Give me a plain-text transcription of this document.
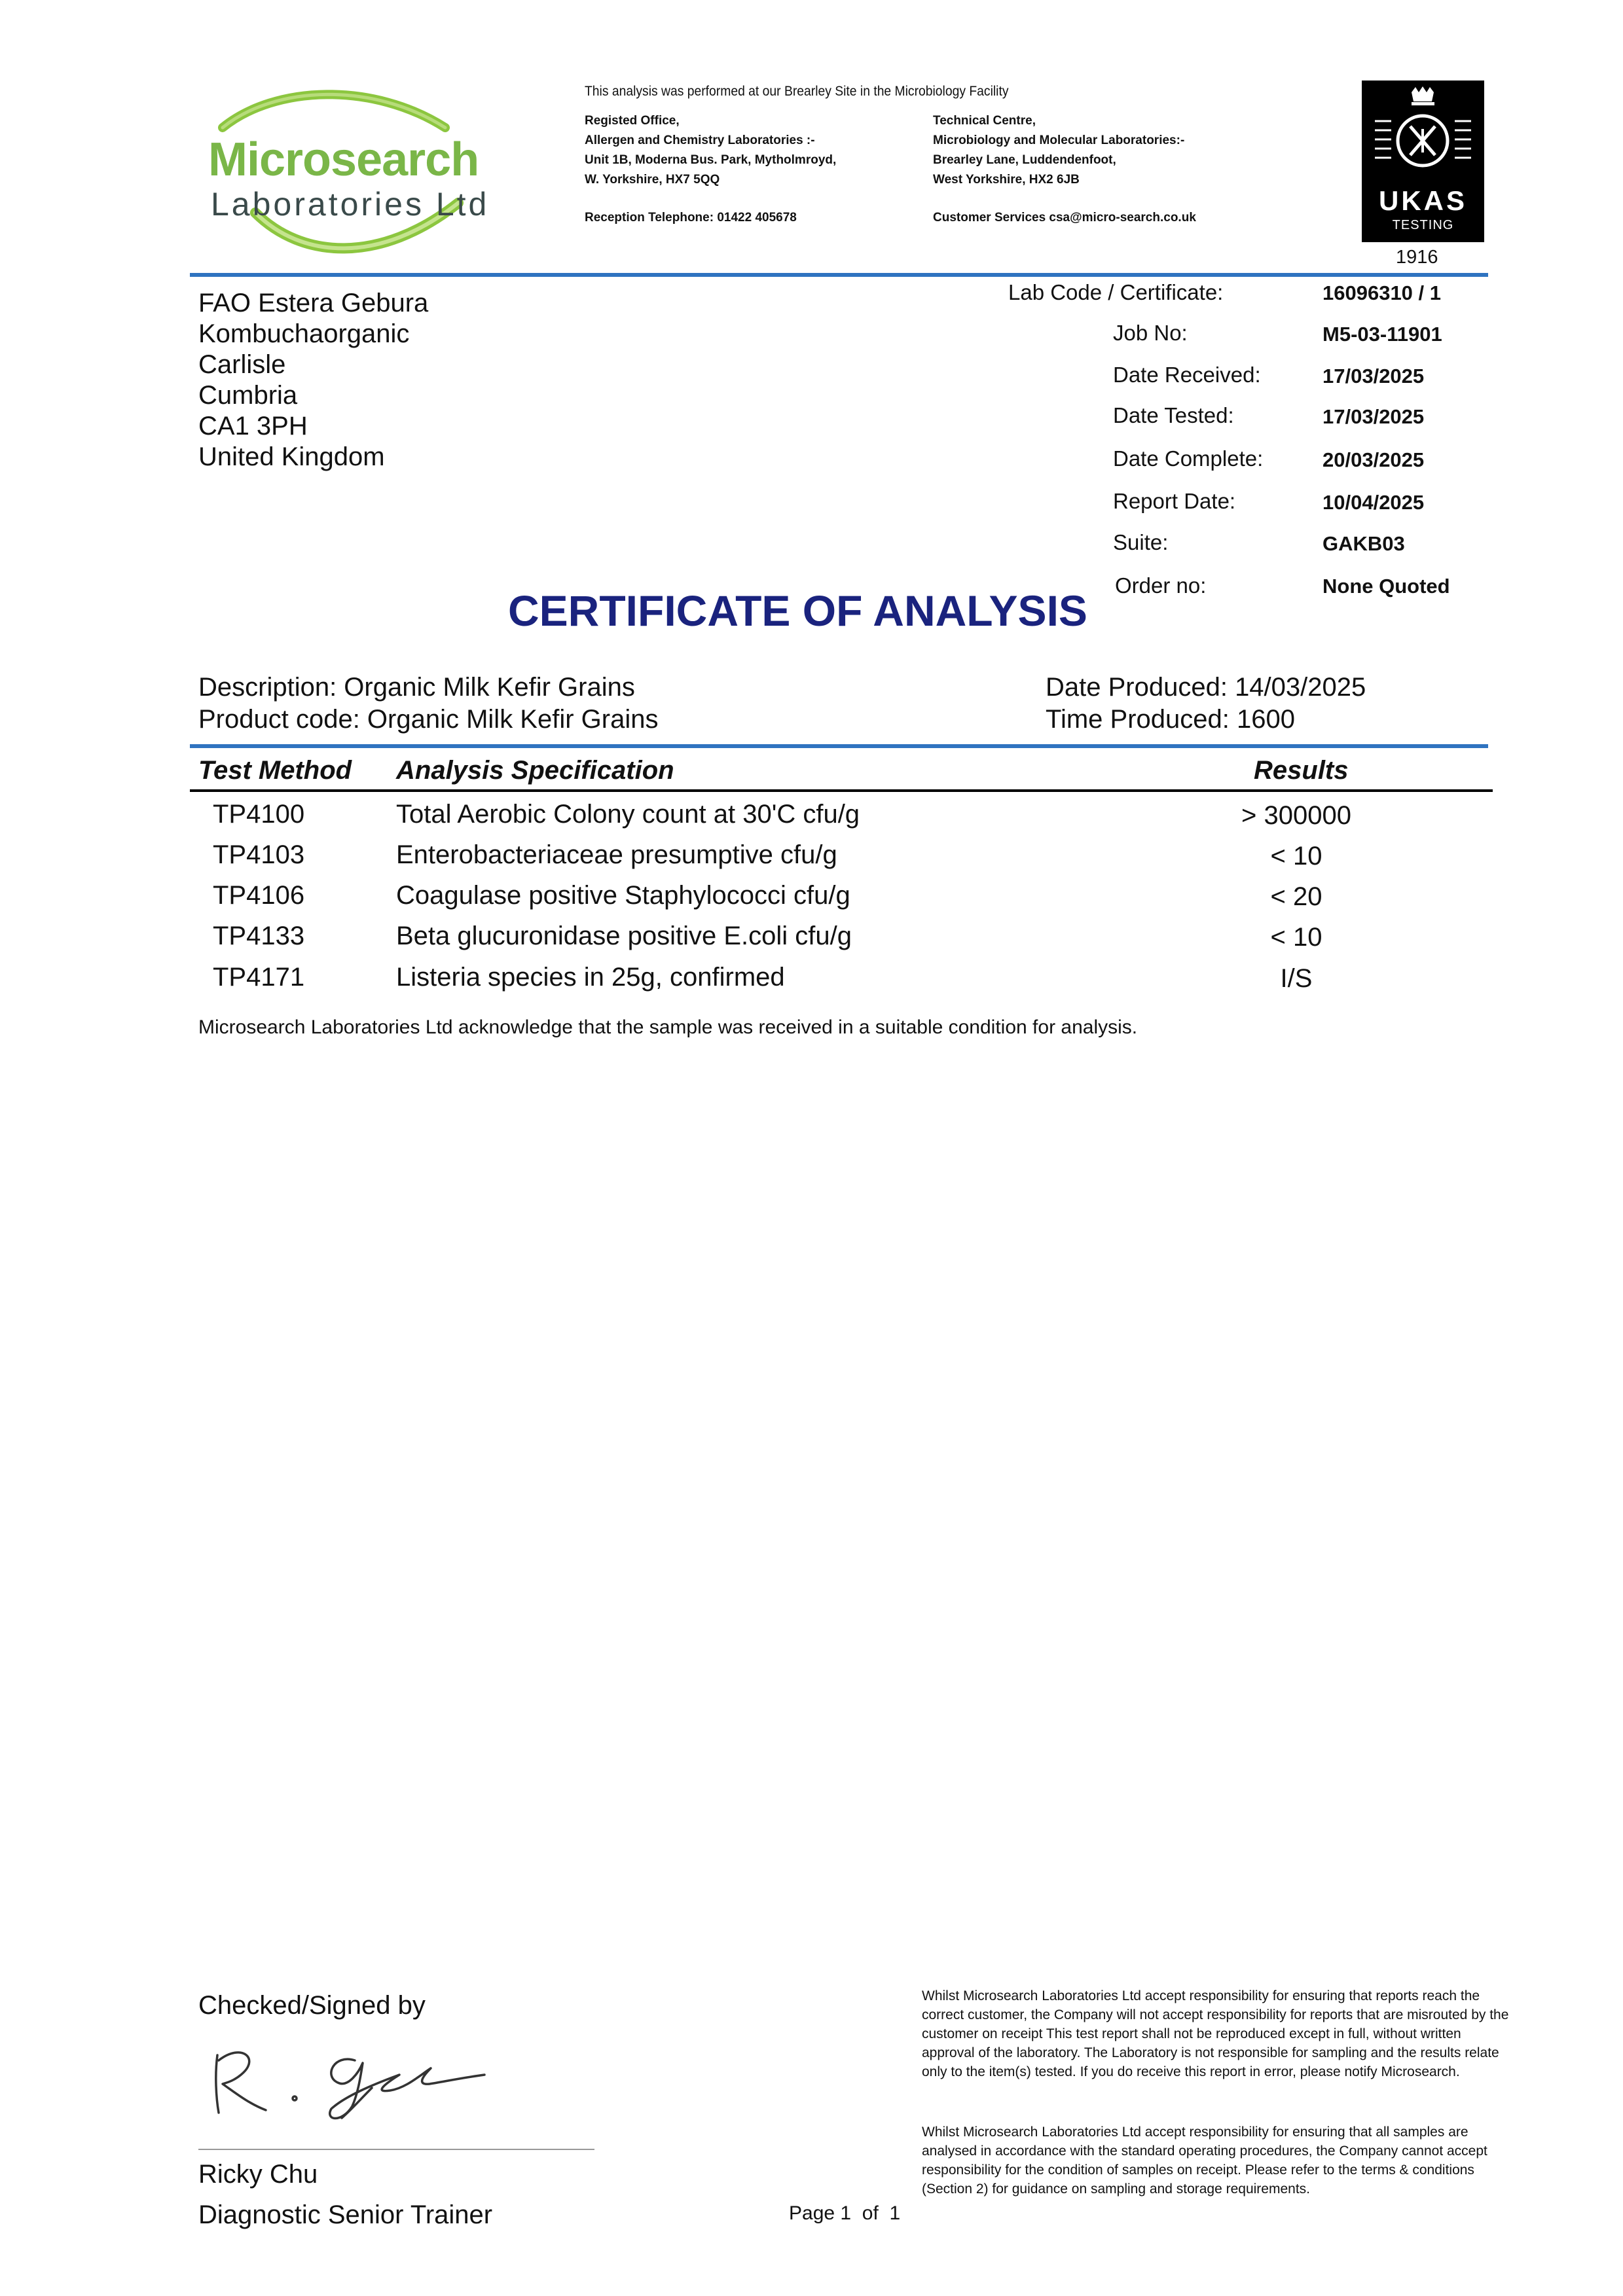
Microsearch
Laboratories Ltd
This analysis was performed at our Brearley Site in the Microbiology Facility
Registed Office,
Allergen and Chemistry Laboratories :-
Unit 1B, Moderna Bus. Park, Mytholmroyd,
W. Yorkshire, HX7 5QQ
Reception Telephone: 01422 405678
Technical Centre,
Microbiology and Molecular Laboratories:-
Brearley Lane, Luddendenfoot,
West Yorkshire, HX2 6JB
Customer Services csa@micro-search.co.uk
UKAS
TESTING
1916
FAO Estera Gebura
Kombuchaorganic
Carlisle
Cumbria
CA1 3PH
United Kingdom
Lab Code / Certificate:	16096310 / 1
Job No:	M5-03-11901
Date Received:	17/03/2025
Date Tested:	17/03/2025
Date Complete:	20/03/2025
Report Date:	10/04/2025
Suite:	GAKB03
Order no:	None Quoted
CERTIFICATE OF ANALYSIS
Description: Organic Milk Kefir Grains
Product code: Organic Milk Kefir Grains
Date Produced: 14/03/2025
Time Produced: 1600
Test Method Analysis Specification	Results
TP4100	Total Aerobic Colony count at 30'C cfu/g	> 300000
TP4103	Enterobacteriaceae presumptive cfu/g	< 10
TP4106	Coagulase positive Staphylococci cfu/g	< 20
TP4133	Beta glucuronidase positive E.coli cfu/g	< 10
TP4171	Listeria species in 25g, confirmed	I/S
Microsearch Laboratories Ltd acknowledge that the sample was received in a suitable condition for analysis.
Checked/Signed by
Ricky Chu
Diagnostic Senior Trainer	Page 1  of  1
Whilst Microsearch Laboratories Ltd accept responsibility for ensuring that reports reach the correct customer, the Company will not accept responsibility for reports that are misrouted by the customer on receipt This test report shall not be reproduced except in full, without written approval of the laboratory. The Laboratory is not responsible for sampling and the results relate only to the item(s) tested. If you do receive this report in error, please notify Microsearch.
Whilst Microsearch Laboratories Ltd accept responsibility for ensuring that all samples are analysed in accordance with the standard operating procedures, the Company cannot accept responsibility for the condition of samples on receipt. Please refer to the terms & conditions (Section 2) for guidance on sampling and storage requirements.
